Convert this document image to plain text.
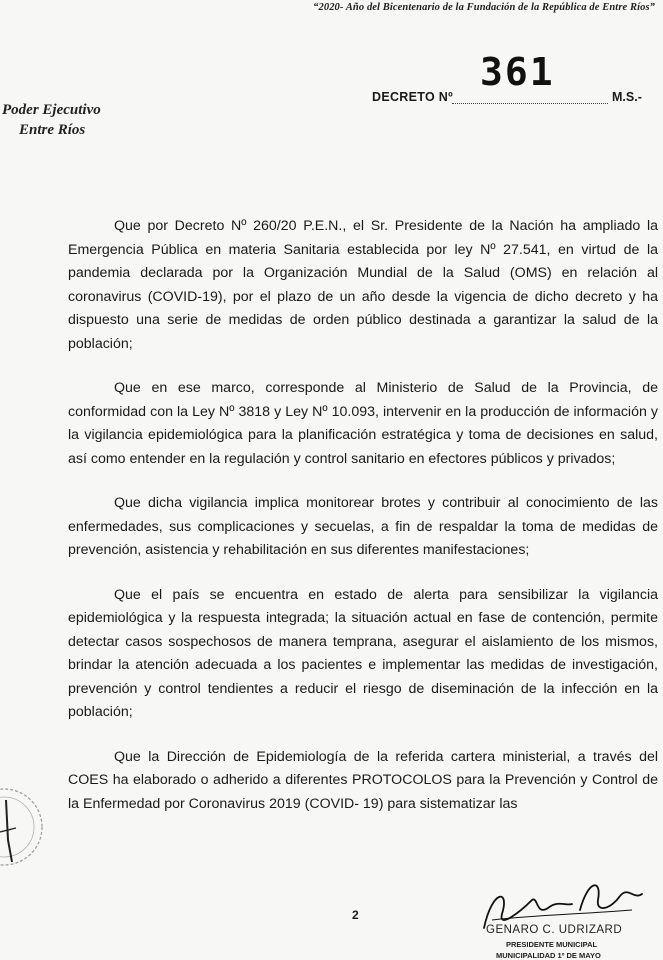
“2020- Año del Bicentenario de la Fundación de la República de Entre Ríos”
Poder Ejecutivo
Entre Ríos
DECRETO Nº
361
M.S.-

Que por Decreto Nº 260/20 P.E.N., el Sr. Presidente de la Nación ha ampliado la Emergencia Pública en materia Sanitaria establecida por ley Nº 27.541, en virtud de la pandemia declarada por la Organización Mundial de la Salud (OMS) en relación al coronavirus (COVID-19), por el plazo de un año desde la vigencia de dicho decreto y ha dispuesto una serie de medidas de orden público destinada a garantizar la salud de la población;

Que en ese marco, corresponde al Ministerio de Salud de la Provincia, de conformidad con la Ley Nº 3818 y Ley Nº 10.093, intervenir en la producción de información y la vigilancia epidemiológica para la planificación estratégica y toma de decisiones en salud, así como entender en la regulación y control sanitario en efectores públicos y privados;

Que dicha vigilancia implica monitorear brotes y contribuir al conocimiento de las enfermedades, sus complicaciones y secuelas, a fin de respaldar la toma de medidas de prevención, asistencia y rehabilitación en sus diferentes manifestaciones;

Que el país se encuentra en estado de alerta para sensibilizar la vigilancia epidemiológica y la respuesta integrada; la situación actual en fase de contención, permite detectar casos sospechosos de manera temprana, asegurar el aislamiento de los mismos, brindar la atención adecuada a los pacientes e implementar las medidas de investigación, prevención y control tendientes a reducir el riesgo de diseminación de la infección en la población;

Que la Dirección de Epidemiología de la referida cartera ministerial, a través del COES ha elaborado o adherido a diferentes PROTOCOLOS para la Prevención y Control de la Enfermedad por Coronavirus 2019 (COVID- 19) para sistematizar las

2
GENARO C. UDRIZARD
PRESIDENTE MUNICIPAL
MUNICIPALIDAD 1º DE MAYO
